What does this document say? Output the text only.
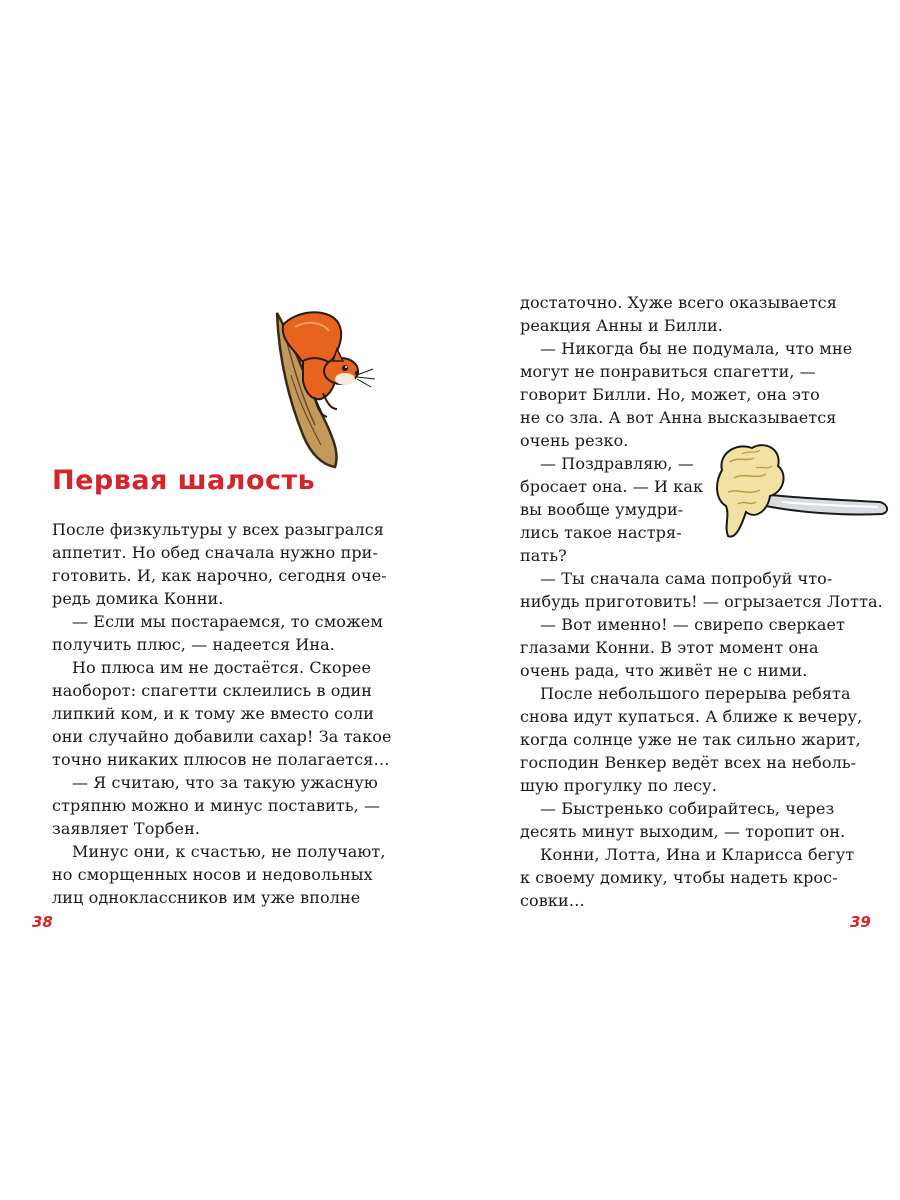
Первая шалость
После физкультуры у всех разыгрался
аппетит. Но обед сначала нужно при-
готовить. И, как нарочно, сегодня оче-
редь домика Конни.
— Если мы постараемся, то сможем
получить плюс, — надеется Ина.
Но плюса им не достаётся. Скорее
наоборот: спагетти склеились в один
липкий ком, и к тому же вместо соли
они случайно добавили сахар! За такое
точно никаких плюсов не полагается…
— Я считаю, что за такую ужасную
стряпню можно и минус поставить, —
заявляет Торбен.
Минус они, к счастью, не получают,
но сморщенных носов и недовольных
лиц одноклассников им уже вполне
38
достаточно. Хуже всего оказывается
реакция Анны и Билли.
— Никогда бы не подумала, что мне
могут не понравиться спагетти, —
говорит Билли. Но, может, она это
не со зла. А вот Анна высказывается
очень резко.
— Поздравляю, —
бросает она. — И как
вы вообще умудри-
лись такое настря-
пать?
— Ты сначала сама попробуй что-
нибудь приготовить! — огрызается Лотта.
— Вот именно! — свирепо сверкает
глазами Конни. В этот момент она
очень рада, что живёт не с ними.
После небольшого перерыва ребята
снова идут купаться. А ближе к вечеру,
когда солнце уже не так сильно жарит,
господин Венкер ведёт всех на неболь-
шую прогулку по лесу.
— Быстренько собирайтесь, через
десять минут выходим, — торопит он.
Конни, Лотта, Ина и Кларисса бегут
к своему домику, чтобы надеть крос-
совки…
39
